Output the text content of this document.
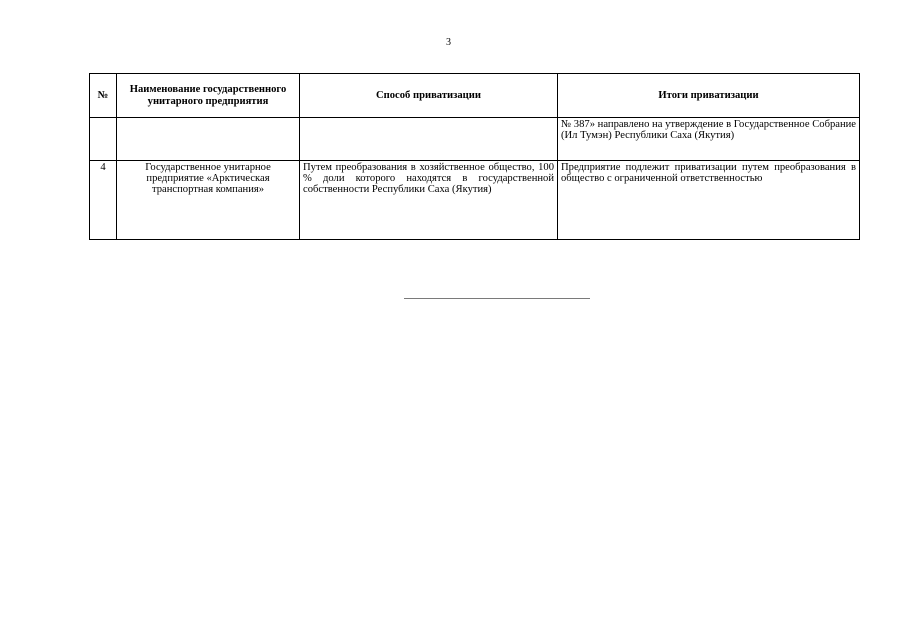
3
№	Наименование государственного унитарного предприятия	Способ приватизации	Итоги приватизации
			№ 387» направлено на утверждение в Государственное Собрание (Ил Тумэн) Республики Саха (Якутия)
4	Государственное унитарное предприятие «Арктическая транспортная компания»	Путем преобразования в хозяйственное общество, 100 % доли которого находятся в государственной собственности Республики Саха (Якутия)	Предприятие подлежит приватизации путем преобразования в общество с ограниченной ответственностью
